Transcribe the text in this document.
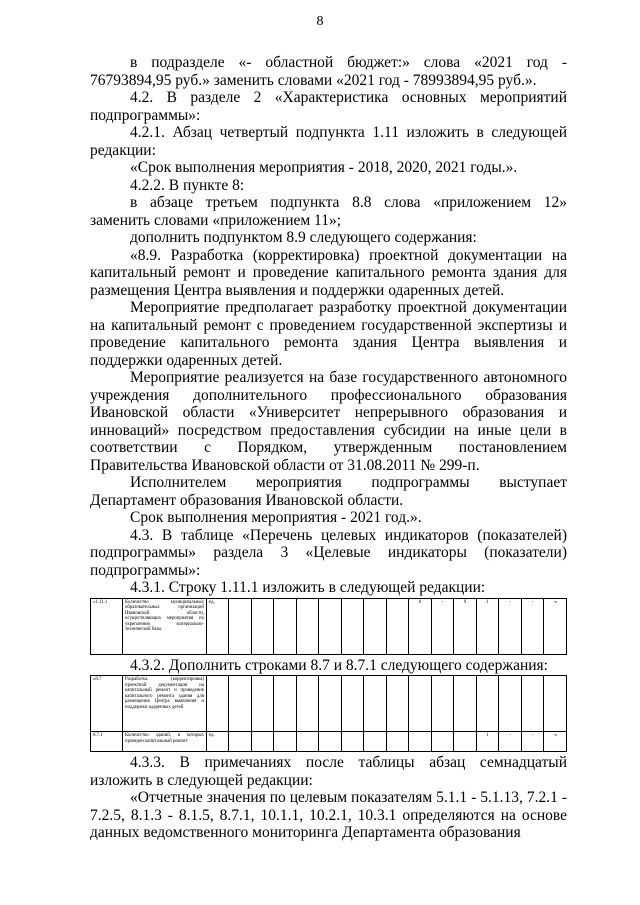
8

в подразделе «- областной бюджет:» слова «2021 год - 76793894,95 руб.» заменить словами «2021 год - 78993894,95 руб.».

4.2. В разделе 2 «Характеристика основных мероприятий подпрограммы»:

4.2.1. Абзац четвертый подпункта 1.11 изложить в следующей редакции:

«Срок выполнения мероприятия - 2018, 2020, 2021 годы.».

4.2.2. В пункте 8:

в абзаце третьем подпункта 8.8 слова «приложением 12» заменить словами «приложением 11»;

дополнить подпунктом 8.9 следующего содержания:

«8.9. Разработка (корректировка) проектной документации на капитальный ремонт и проведение капитального ремонта здания для размещения Центра выявления и поддержки одаренных детей.

Мероприятие предполагает разработку проектной документации на капитальный ремонт с проведением государственной экспертизы и проведение капитального ремонта здания Центра выявления и поддержки одаренных детей.

Мероприятие реализуется на базе государственного автономного учреждения дополнительного профессионального образования Ивановской области «Университет непрерывного образования и инноваций» посредством предоставления субсидии на иные цели в соответствии с Порядком, утвержденным постановлением Правительства Ивановской области от 31.08.2011 № 299-п.

Исполнителем мероприятия подпрограммы выступает Департамент образования Ивановской области.

Срок выполнения мероприятия - 2021 год.».

4.3. В таблице «Перечень целевых индикаторов (показателей) подпрограммы» раздела 3 «Целевые индикаторы (показатели) подпрограммы»:

4.3.1. Строку 1.11.1 изложить в следующей редакции:

«1.11.1	Количество муниципальных образовательных организаций Ивановской области, осуществляющих мероприятия по укреплению материально-технической базы	ед.									6	-	9	1	-	-	-»

4.3.2. Дополнить строками 8.7 и 8.7.1 следующего содержания:

«8.7	Разработка (корректировка) проектной документации на капитальный ремонт и проведение капитального ремонта здания для размещения Центра выявления и поддержки одаренных детей																
8.7.1	Количество зданий, в которых проведен капитальный ремонт	ед.												1	-	-	-»

4.3.3. В примечаниях после таблицы абзац семнадцатый изложить в следующей редакции:

«Отчетные значения по целевым показателям 5.1.1 - 5.1.13, 7.2.1 - 7.2.5, 8.1.3 - 8.1.5, 8.7.1, 10.1.1, 10.2.1, 10.3.1 определяются на основе данных ведомственного мониторинга Департамента образования
